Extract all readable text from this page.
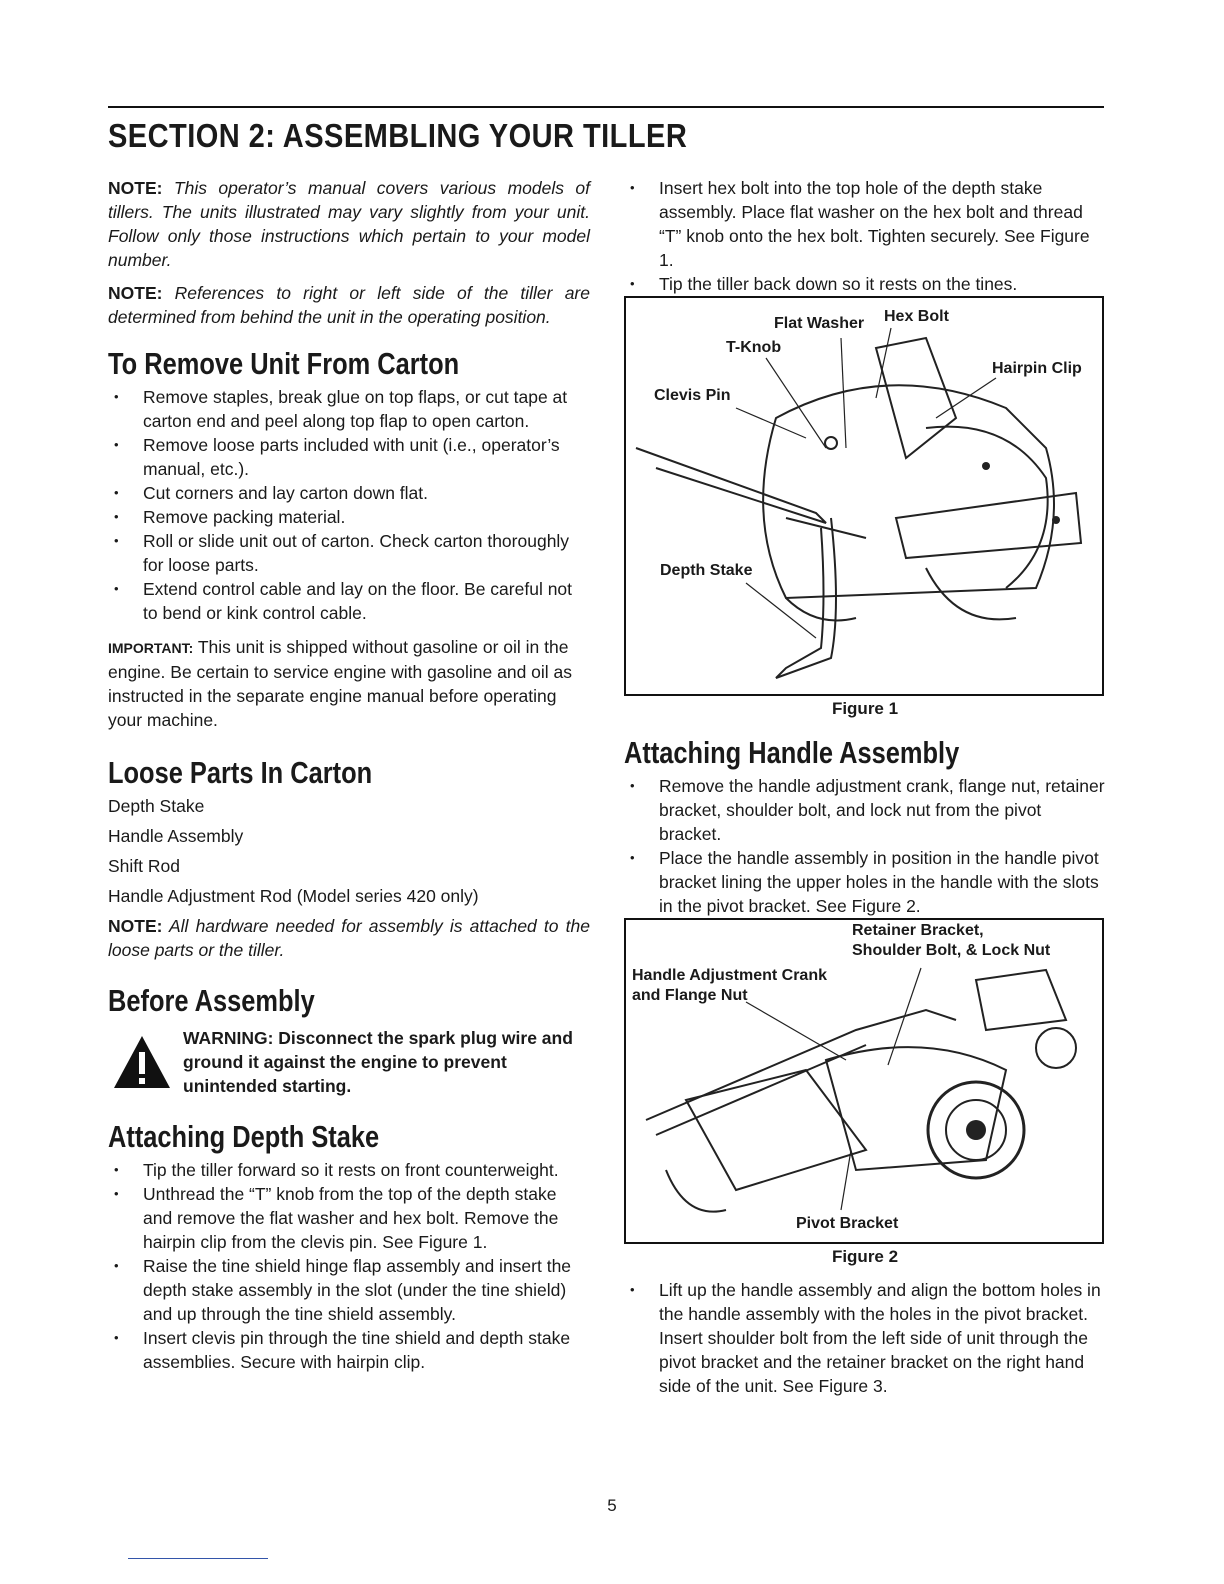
SECTION 2: ASSEMBLING YOUR TILLER

NOTE: This operator’s manual covers various models of tillers. The units illustrated may vary slightly from your unit. Follow only those instructions which pertain to your model number.

NOTE: References to right or left side of the tiller are determined from behind the unit in the operating position.

To Remove Unit From Carton
• Remove staples, break glue on top flaps, or cut tape at carton end and peel along top flap to open carton.
• Remove loose parts included with unit (i.e., operator’s manual, etc.).
• Cut corners and lay carton down flat.
• Remove packing material.
• Roll or slide unit out of carton. Check carton thoroughly for loose parts.
• Extend control cable and lay on the floor. Be careful not to bend or kink control cable.

IMPORTANT: This unit is shipped without gasoline or oil in the engine. Be certain to service engine with gasoline and oil as instructed in the separate engine manual before operating your machine.

Loose Parts In Carton

Depth Stake

Handle Assembly

Shift Rod

Handle Adjustment Rod (Model series 420 only)

NOTE: All hardware needed for assembly is attached to the loose parts or the tiller.

Before Assembly

WARNING: Disconnect the spark plug wire and ground it against the engine to prevent unintended starting.

Attaching Depth Stake
• Tip the tiller forward so it rests on front counterweight.
• Unthread the “T” knob from the top of the depth stake and remove the flat washer and hex bolt. Remove the hairpin clip from the clevis pin. See Figure 1.
• Raise the tine shield hinge flap assembly and insert the depth stake assembly in the slot (under the tine shield) and up through the tine shield assembly.
• Insert clevis pin through the tine shield and depth stake assemblies. Secure with hairpin clip.
• Insert hex bolt into the top hole of the depth stake assembly. Place flat washer on the hex bolt and thread “T” knob onto the hex bolt. Tighten securely. See Figure 1.
• Tip the tiller back down so it rests on the tines.
Flat Washer Hex Bolt
T-Knob
Hairpin Clip
Clevis Pin
Depth Stake
Figure 1
Attaching Handle Assembly
• Remove the handle adjustment crank, flange nut, retainer bracket, shoulder bolt, and lock nut from the pivot bracket.
• Place the handle assembly in position in the handle pivot bracket lining the upper holes in the handle with the slots in the pivot bracket. See Figure 2.
Retainer Bracket,
Shoulder Bolt, & Lock Nut
Handle Adjustment Crank
and Flange Nut
Pivot Bracket
Figure 2
• Lift up the handle assembly and align the bottom holes in the handle assembly with the holes in the pivot bracket. Insert shoulder bolt from the left side of unit through the pivot bracket and the retainer bracket on the right hand side of the unit. See Figure 3.
5
